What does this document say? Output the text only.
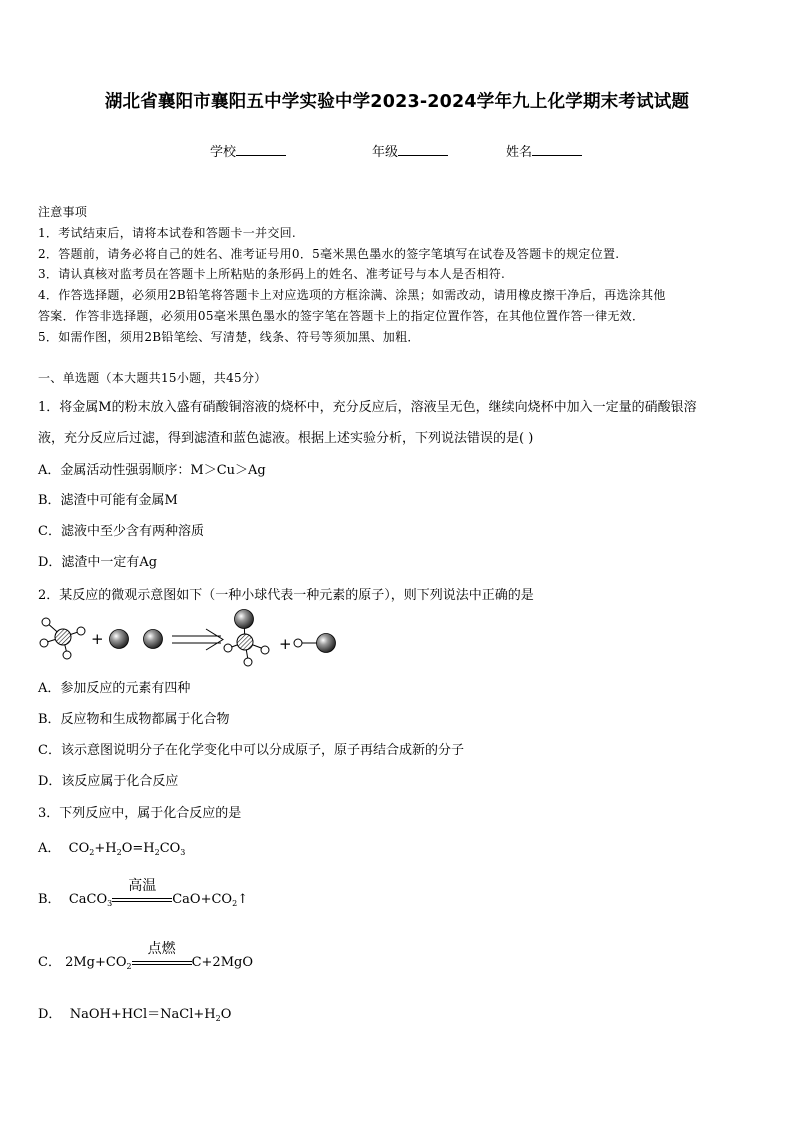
湖北省襄阳市襄阳五中学实验中学2023-2024学年九上化学期末考试试题
学校	年级	姓名
注意事项
1．考试结束后，请将本试卷和答题卡一并交回.
2．答题前，请务必将自己的姓名、准考证号用0．5毫米黑色墨水的签字笔填写在试卷及答题卡的规定位置.
3．请认真核对监考员在答题卡上所粘贴的条形码上的姓名、准考证号与本人是否相符.
4．作答选择题，必须用2B铅笔将答题卡上对应选项的方框涂满、涂黑；如需改动，请用橡皮擦干净后，再选涂其他
答案．作答非选择题，必须用05毫米黑色墨水的签字笔在答题卡上的指定位置作答，在其他位置作答一律无效．
5．如需作图，须用2B铅笔绘、写清楚，线条、符号等须加黑、加粗．
一、单选题（本大题共15小题，共45分）
1．将金属M的粉末放入盛有硝酸铜溶液的烧杯中，充分反应后，溶液呈无色，继续向烧杯中加入一定量的硝酸银溶
液，充分反应后过滤，得到滤渣和蓝色滤液。根据上述实验分析，下列说法错误的是( )
A．金属活动性强弱顺序：M＞Cu＞Ag
B．滤渣中可能有金属M
C．滤液中至少含有两种溶质
D．滤渣中一定有Ag
2．某反应的微观示意图如下（一种小球代表一种元素的原子），则下列说法中正确的是
+	+
A．参加反应的元素有四种
B．反应物和生成物都属于化合物
C．该示意图说明分子在化学变化中可以分成原子，原子再结合成新的分子
D．该反应属于化合反应
3．下列反应中，属于化合反应的是
A．  $CO_2+H_2O=H_2CO_3$
B．  CaCO$_3$
高温
$CaO+CO_2↑$
C． $2Mg+CO_2$
点燃
C+2MgO
D．  $NaOH+HCl=NaCl+H_2O$
